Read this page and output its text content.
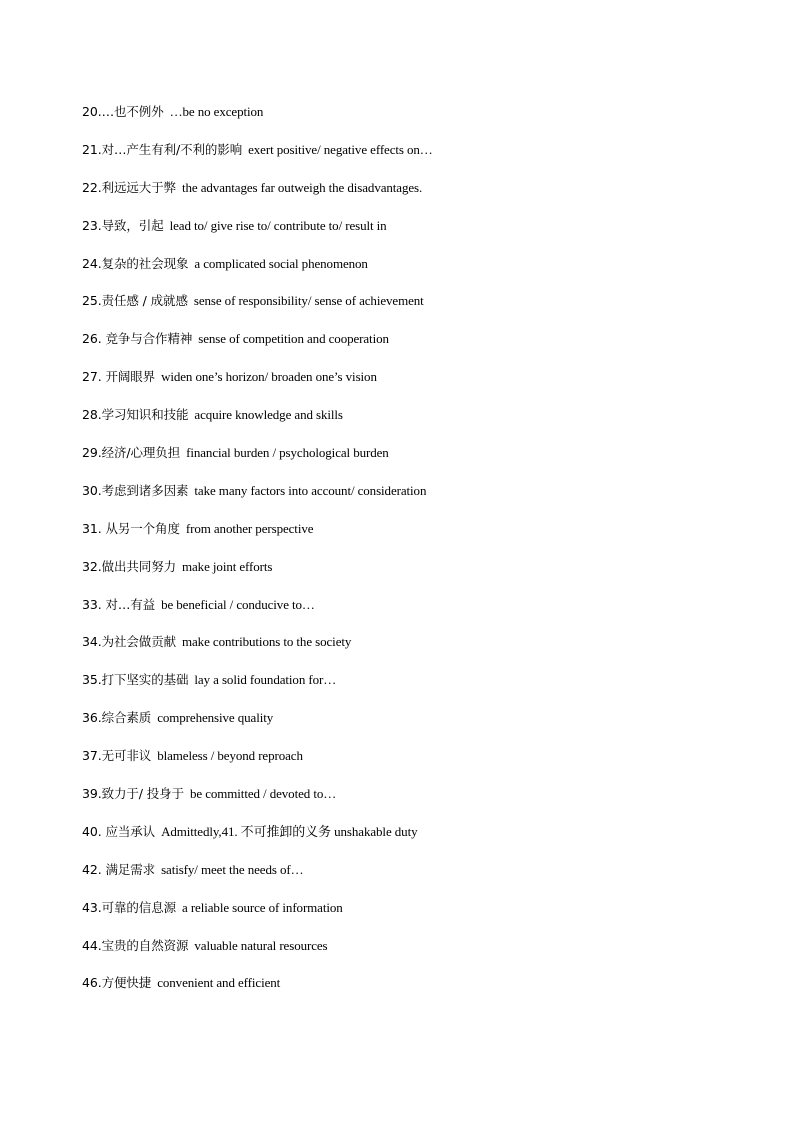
20.…也不例外 …be no exception
21.对…产生有利/不利的影响 exert positive/ negative effects on…
22.利远远大于弊 the advantages far outweigh the disadvantages.
23.导致，引起 lead to/ give rise to/ contribute to/ result in
24.复杂的社会现象 a complicated social phenomenon
25.责任感 / 成就感 sense of responsibility/ sense of achievement
26. 竞争与合作精神 sense of competition and cooperation
27. 开阔眼界 widen one’s horizon/ broaden one’s vision
28.学习知识和技能 acquire knowledge and skills
29.经济/心理负担 financial burden / psychological burden
30.考虑到诸多因素 take many factors into account/ consideration
31. 从另一个角度 from another perspective
32.做出共同努力 make joint efforts
33. 对…有益 be beneficial / conducive to…
34.为社会做贡献 make contributions to the society
35.打下坚实的基础 lay a solid foundation for…
36.综合素质 comprehensive quality
37.无可非议 blameless / beyond reproach
39.致力于/ 投身于 be committed / devoted to…
40. 应当承认 Admittedly,41. 不可推卸的义务 unshakable duty
42. 满足需求 satisfy/ meet the needs of…
43.可靠的信息源 a reliable source of information
44.宝贵的自然资源 valuable natural resources
46.方便快捷 convenient and efficient
